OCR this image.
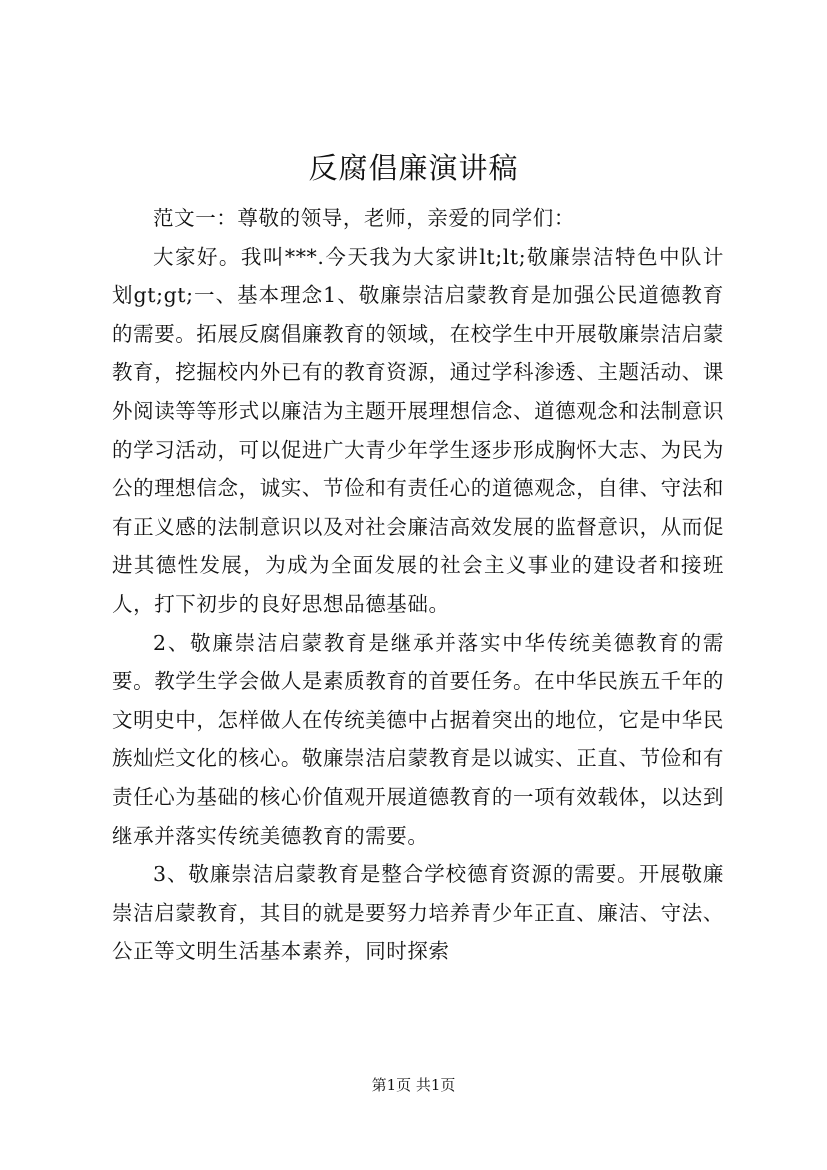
反腐倡廉演讲稿

范文一：尊敬的领导，老师，亲爱的同学们：

大家好。我叫***.今天我为大家讲lt;lt;敬廉崇洁特色中队计划gt;gt;一、基本理念1、敬廉崇洁启蒙教育是加强公民道德教育的需要。拓展反腐倡廉教育的领域，在校学生中开展敬廉崇洁启蒙教育，挖掘校内外已有的教育资源，通过学科渗透、主题活动、课外阅读等等形式以廉洁为主题开展理想信念、道德观念和法制意识的学习活动，可以促进广大青少年学生逐步形成胸怀大志、为民为公的理想信念，诚实、节俭和有责任心的道德观念，自律、守法和有正义感的法制意识以及对社会廉洁高效发展的监督意识，从而促进其德性发展，为成为全面发展的社会主义事业的建设者和接班人，打下初步的良好思想品德基础。

2、敬廉崇洁启蒙教育是继承并落实中华传统美德教育的需要。教学生学会做人是素质教育的首要任务。在中华民族五千年的文明史中，怎样做人在传统美德中占据着突出的地位，它是中华民族灿烂文化的核心。敬廉崇洁启蒙教育是以诚实、正直、节俭和有责任心为基础的核心价值观开展道德教育的一项有效载体，以达到继承并落实传统美德教育的需要。

3、敬廉崇洁启蒙教育是整合学校德育资源的需要。开展敬廉崇洁启蒙教育，其目的就是要努力培养青少年正直、廉洁、守法、公正等文明生活基本素养，同时探索

第1页 共1页
